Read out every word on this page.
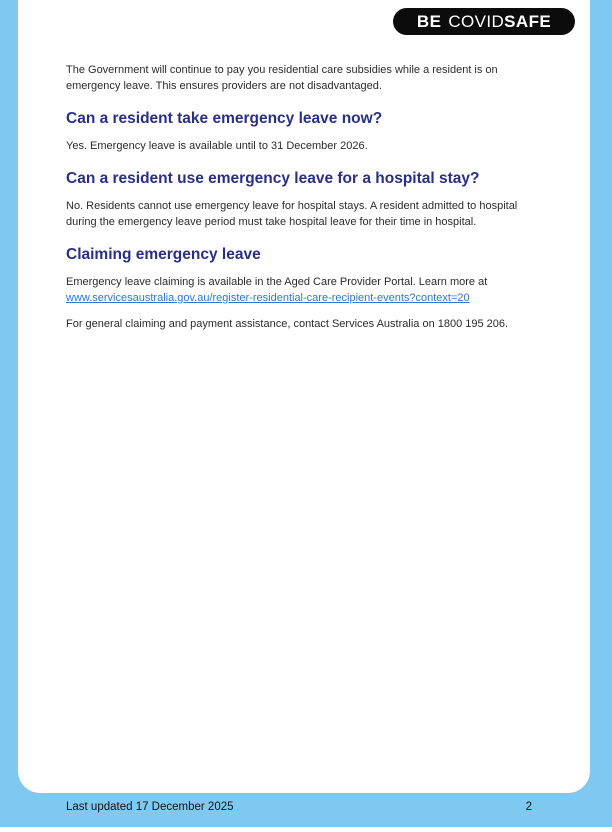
BE COVID SAFE

The Government will continue to pay you residential care subsidies while a resident is on emergency leave. This ensures providers are not disadvantaged.

Can a resident take emergency leave now?

Yes. Emergency leave is available until to 31 December 2026.

Can a resident use emergency leave for a hospital stay?

No. Residents cannot use emergency leave for hospital stays. A resident admitted to hospital during the emergency leave period must take hospital leave for their time in hospital.

Claiming emergency leave

Emergency leave claiming is available in the Aged Care Provider Portal. Learn more at www.servicesaustralia.gov.au/register-residential-care-recipient-events?context=20

For general claiming and payment assistance, contact Services Australia on 1800 195 206.

Last updated 17 December 2025	2
